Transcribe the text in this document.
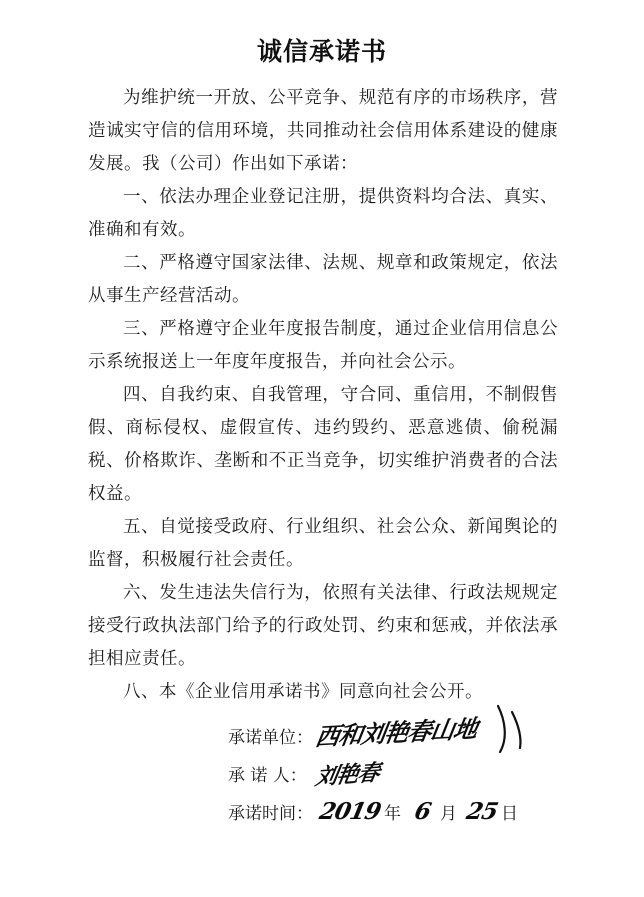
诚信承诺书

为维护统一开放、公平竞争、规范有序的市场秩序，营造诚实守信的信用环境，共同推动社会信用体系建设的健康发展。我（公司）作出如下承诺：

一、依法办理企业登记注册，提供资料均合法、真实、准确和有效。

二、严格遵守国家法律、法规、规章和政策规定，依法从事生产经营活动。

三、严格遵守企业年度报告制度，通过企业信用信息公示系统报送上一年度年度报告，并向社会公示。

四、自我约束、自我管理，守合同、重信用，不制假售假、商标侵权、虚假宣传、违约毁约、恶意逃债、偷税漏税、价格欺诈、垄断和不正当竞争，切实维护消费者的合法权益。

五、自觉接受政府、行业组织、社会公众、新闻舆论的监督，积极履行社会责任。

六、发生违法失信行为，依照有关法律、行政法规规定接受行政执法部门给予的行政处罚、约束和惩戒，并依法承担相应责任。

八、本《企业信用承诺书》同意向社会公开。

承诺单位： 西和刘艳春山地
承 诺 人： 刘艳春
承诺时间： 2019 年 6 月 25 日
